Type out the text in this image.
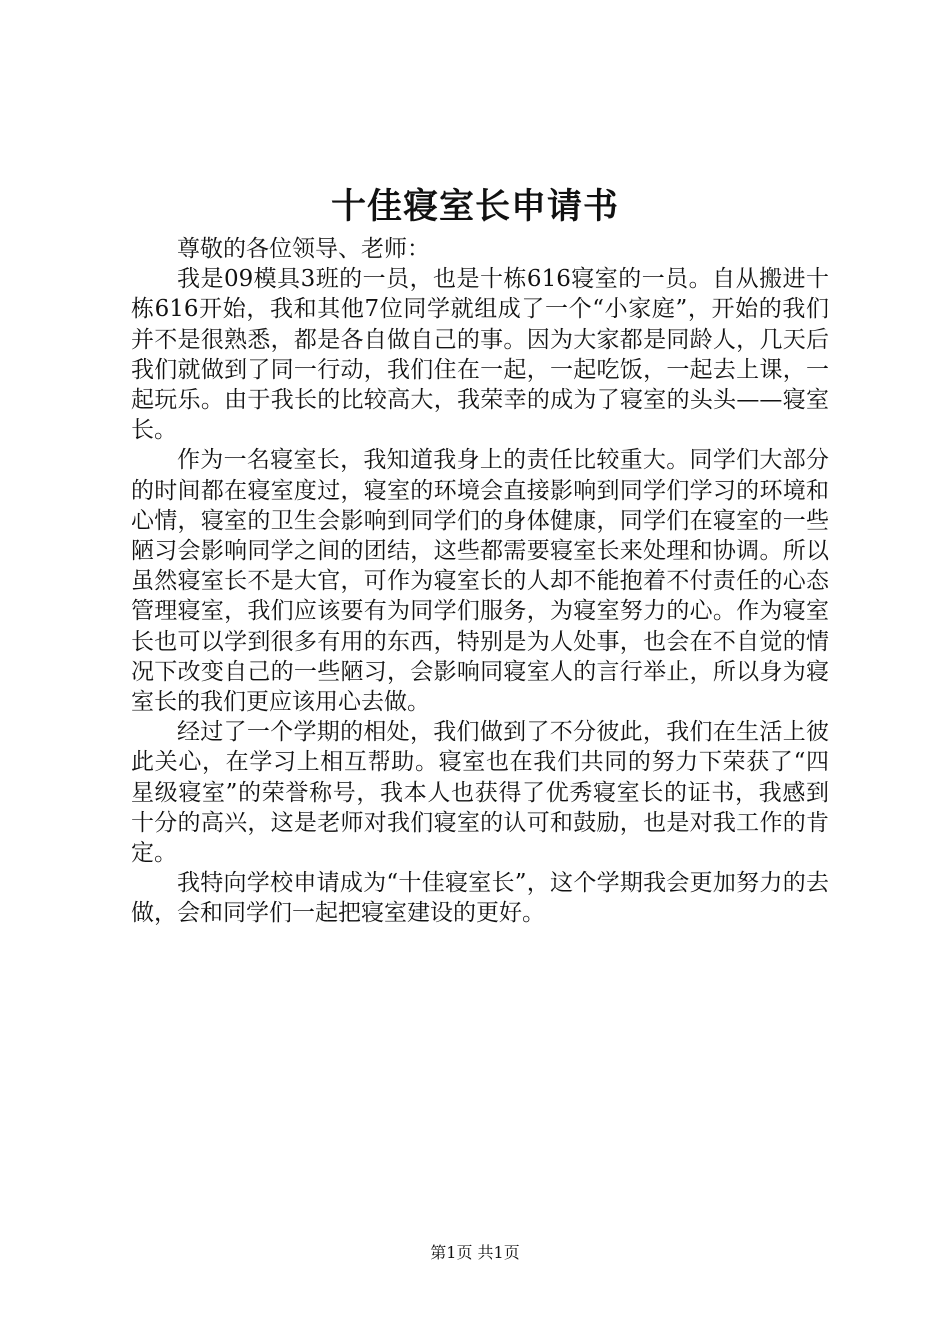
十佳寝室长申请书

尊敬的各位领导、老师：

我是09模具3班的一员，也是十栋616寝室的一员。自从搬进十栋616开始，我和其他7位同学就组成了一个“小家庭”，开始的我们并不是很熟悉，都是各自做自己的事。因为大家都是同龄人，几天后我们就做到了同一行动，我们住在一起，一起吃饭，一起去上课，一起玩乐。由于我长的比较高大，我荣幸的成为了寝室的头头——寝室长。

作为一名寝室长，我知道我身上的责任比较重大。同学们大部分的时间都在寝室度过，寝室的环境会直接影响到同学们学习的环境和心情，寝室的卫生会影响到同学们的身体健康，同学们在寝室的一些陋习会影响同学之间的团结，这些都需要寝室长来处理和协调。所以虽然寝室长不是大官，可作为寝室长的人却不能抱着不付责任的心态管理寝室，我们应该要有为同学们服务，为寝室努力的心。作为寝室长也可以学到很多有用的东西，特别是为人处事，也会在不自觉的情况下改变自己的一些陋习，会影响同寝室人的言行举止，所以身为寝室长的我们更应该用心去做。

经过了一个学期的相处，我们做到了不分彼此，我们在生活上彼此关心，在学习上相互帮助。寝室也在我们共同的努力下荣获了“四星级寝室”的荣誉称号，我本人也获得了优秀寝室长的证书，我感到十分的高兴，这是老师对我们寝室的认可和鼓励，也是对我工作的肯定。

我特向学校申请成为“十佳寝室长”，这个学期我会更加努力的去做，会和同学们一起把寝室建设的更好。

第1页 共1页
